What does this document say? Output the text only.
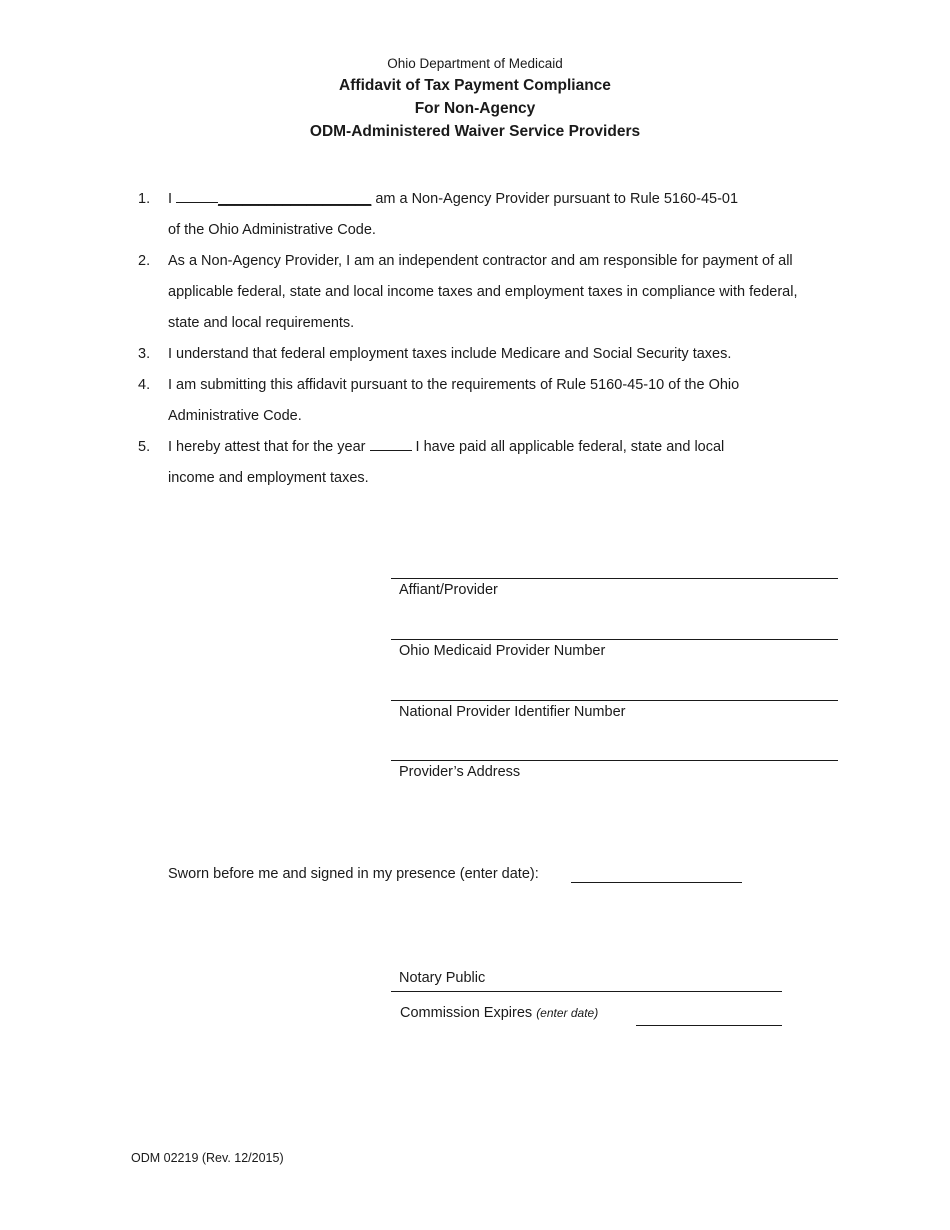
Ohio Department of Medicaid
Affidavit of Tax Payment Compliance
For Non-Agency
ODM-Administered Waiver Service Providers
1. I	___________________ am a Non-Agency Provider pursuant to Rule 5160-45-01
of the Ohio Administrative Code.
2. As a Non-Agency Provider, I am an independent contractor and am responsible for payment of all applicable federal, state and local income taxes and employment taxes in compliance with federal, state and local requirements.
3. I understand that federal employment taxes include Medicare and Social Security taxes.
4. I am submitting this affidavit pursuant to the requirements of Rule 5160-45-10 of the Ohio Administrative Code.
5. I hereby attest that for the year	I have paid all applicable federal, state and local
income and employment taxes.
Affiant/Provider
Ohio Medicaid Provider Number
National Provider Identifier Number
Provider’s Address
Sworn before me and signed in my presence (enter date):
Notary Public
Commission Expires (enter date)
ODM 02219 (Rev. 12/2015)
